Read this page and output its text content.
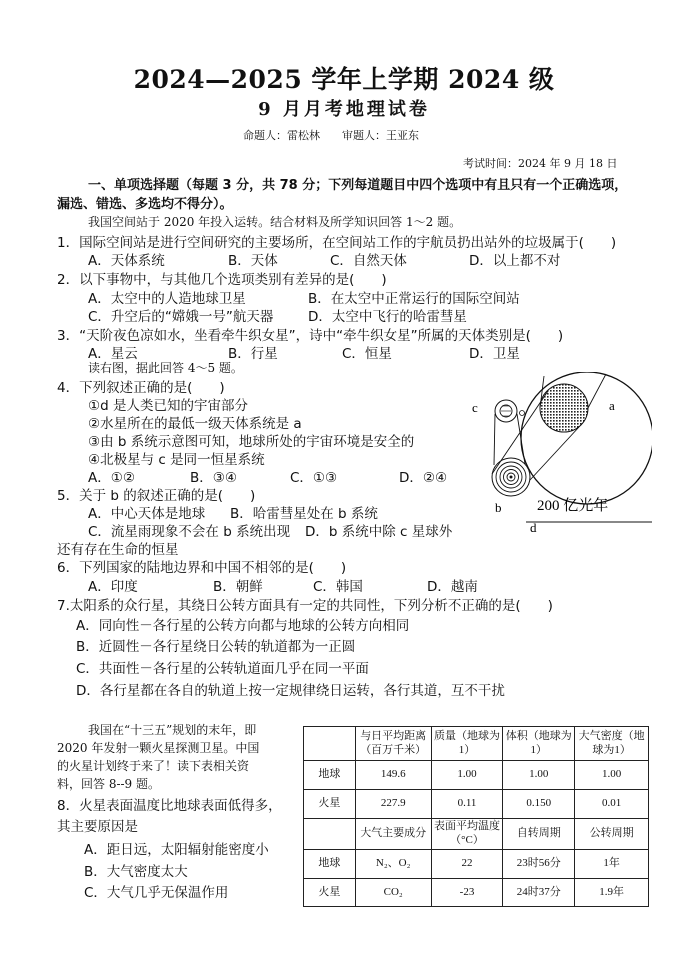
2024—2025 学年上学期 2024 级
9 月月考地理试卷
命题人：雷松林　　审题人：王亚东
考试时间：2024 年 9 月 18 日
一、单项选择题（每题 3 分，共 78 分；下列每道题目中四个选项中有且只有一个正确选项，
漏选、错选、多选均不得分）。
我国空间站于 2020 年投入运转。结合材料及所学知识回答 1～2 题。
1．国际空间站是进行空间研究的主要场所，在空间站工作的宇航员扔出站外的垃圾属于(　　)
A．天体系统	B．天体	C．自然天体	D．以上都不对
2．以下事物中，与其他几个选项类别有差异的是(　　)
A．太空中的人造地球卫星	B．在太空中正常运行的国际空间站
C．升空后的“嫦娥一号”航天器	D．太空中飞行的哈雷彗星
3．“天阶夜色凉如水，坐看牵牛织女星”，诗中“牵牛织女星”所属的天体类别是(　　)
A．星云	B．行星	C．恒星	D．卫星
读右图，据此回答 4～5 题。
4．下列叙述正确的是(　　)
①d 是人类已知的宇宙部分
②水星所在的最低一级天体系统是 a
③由 b 系统示意图可知，地球所处的宇宙环境是安全的
④北极星与 c 是同一恒星系统
A．①②	B．③④	C．①③	D．②④
5．关于 b 的叙述正确的是(　　)
A．中心天体是地球 B．哈雷彗星处在 b 系统
C．流星雨现象不会在 b 系统出现 D．b 系统中除 c 星球外
还有存在生命的恒星
6．下列国家的陆地边界和中国不相邻的是(　　)
A．印度	B．朝鲜	C．韩国	D．越南
7.太阳系的众行星，其绕日公转方面具有一定的共同性，下列分析不正确的是(　　)
A．同向性－各行星的公转方向都与地球的公转方向相同
B．近圆性－各行星绕日公转的轨道都为一正圆
C．共面性－各行星的公转轨道面几乎在同一平面
D．各行星都在各自的轨道上按一定规律绕日运转，各行其道，互不干扰
我国在“十三五”规划的末年，即
2020 年发射一颗火星探测卫星。中国
的火星计划终于来了！读下表相关资
料，回答 8--9 题。
8．火星表面温度比地球表面低得多，
其主要原因是
A．距日远，太阳辐射能密度小
B．大气密度太大
C．大气几乎无保温作用
c	a
b
d
200 亿光年
	与日平均距离（百万千米）	质量（地球为1）	体积（地球为1）	大气密度（地球为1）
地球	149.6	1.00	1.00	1.00
火星	227.9	0.11	0.150	0.01
	大气主要成分	表面平均温度（°C）	自转周期	公转周期
地球	N₂、O₂	22	23时56分	1年
火星	CO₂	-23	24时37分	1.9年
